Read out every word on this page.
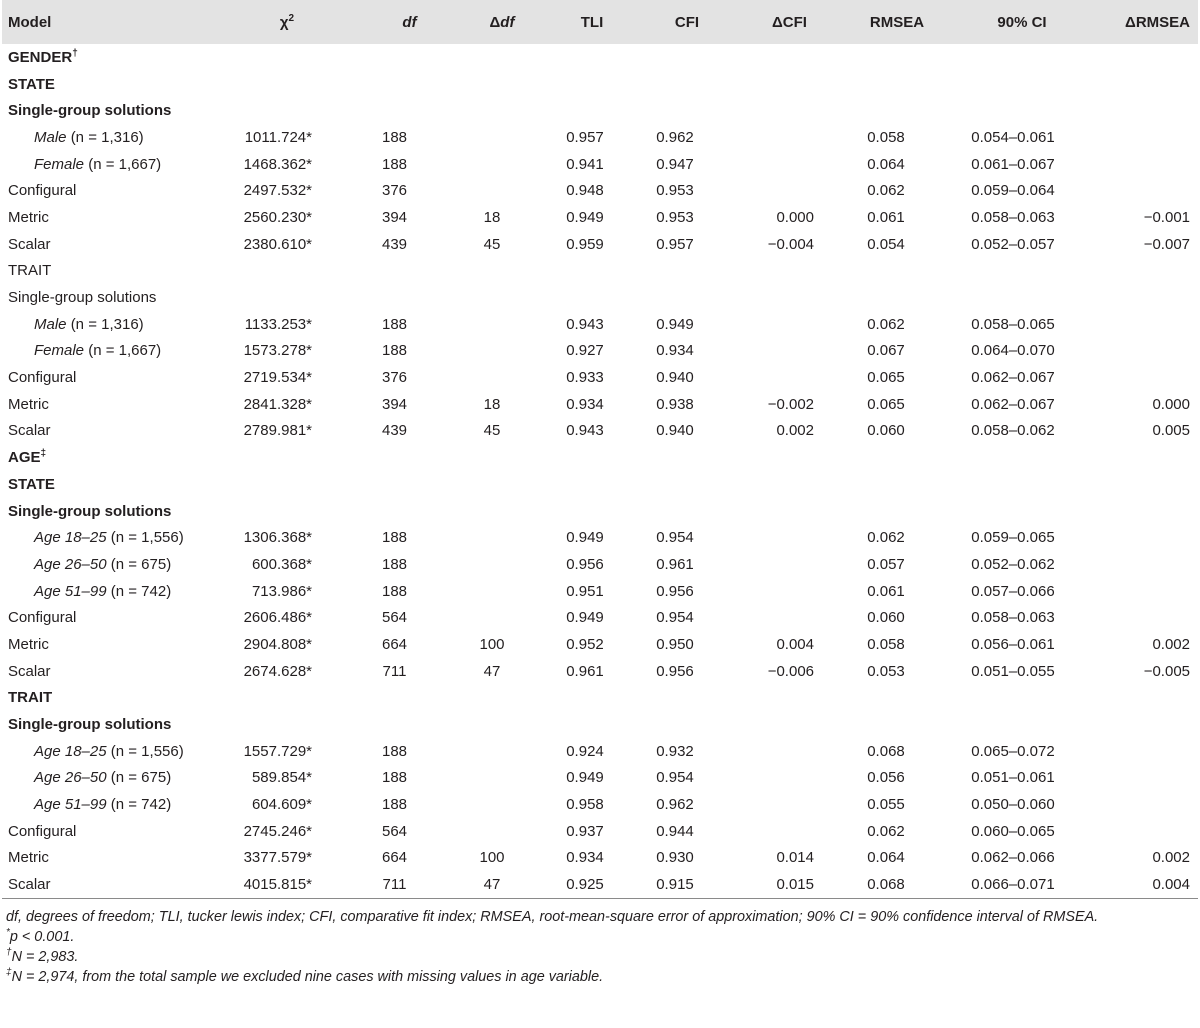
Model	$\chi^2$	df	Δdf	TLI	CFI	ΔCFI	RMSEA	90% CI	ΔRMSEA
GENDER†
STATE									
Single-group solutions									
Male (n = 1,316)	1011.724*	188		0.957	0.962		0.058	0.054–0.061	
Female (n = 1,667)	1468.362*	188		0.941	0.947		0.064	0.061–0.067	
Configural	2497.532*	376		0.948	0.953		0.062	0.059–0.064	
Metric	2560.230*	394	18	0.949	0.953	0.000	0.061	0.058–0.063	−0.001
Scalar	2380.610*	439	45	0.959	0.957	−0.004	0.054	0.052–0.057	−0.007
TRAIT									
Single-group solutions									
Male (n = 1,316)	1133.253*	188		0.943	0.949		0.062	0.058–0.065	
Female (n = 1,667)	1573.278*	188		0.927	0.934		0.067	0.064–0.070	
Configural	2719.534*	376		0.933	0.940		0.065	0.062–0.067	
Metric	2841.328*	394	18	0.934	0.938	−0.002	0.065	0.062–0.067	0.000
Scalar	2789.981*	439	45	0.943	0.940	0.002	0.060	0.058–0.062	0.005
AGE‡
STATE									
Single-group solutions									
Age 18–25 (n = 1,556)	1306.368*	188		0.949	0.954		0.062	0.059–0.065	
Age 26–50 (n = 675)	600.368*	188		0.956	0.961		0.057	0.052–0.062	
Age 51–99 (n = 742)	713.986*	188		0.951	0.956		0.061	0.057–0.066	
Configural	2606.486*	564		0.949	0.954		0.060	0.058–0.063	
Metric	2904.808*	664	100	0.952	0.950	0.004	0.058	0.056–0.061	0.002
Scalar	2674.628*	711	47	0.961	0.956	−0.006	0.053	0.051–0.055	−0.005
TRAIT									
Single-group solutions									
Age 18–25 (n = 1,556)	1557.729*	188		0.924	0.932		0.068	0.065–0.072	
Age 26–50 (n = 675)	589.854*	188		0.949	0.954		0.056	0.051–0.061	
Age 51–99 (n = 742)	604.609*	188		0.958	0.962		0.055	0.050–0.060	
Configural	2745.246*	564		0.937	0.944		0.062	0.060–0.065	
Metric	3377.579*	664	100	0.934	0.930	0.014	0.064	0.062–0.066	0.002
Scalar	4015.815*	711	47	0.925	0.915	0.015	0.068	0.066–0.071	0.004

df, degrees of freedom; TLI, tucker lewis index; CFI, comparative fit index; RMSEA, root-mean-square error of approximation; 90% CI = 90% confidence interval of RMSEA.

*p < 0.001.

†N = 2,983.

‡N = 2,974, from the total sample we excluded nine cases with missing values in age variable.
